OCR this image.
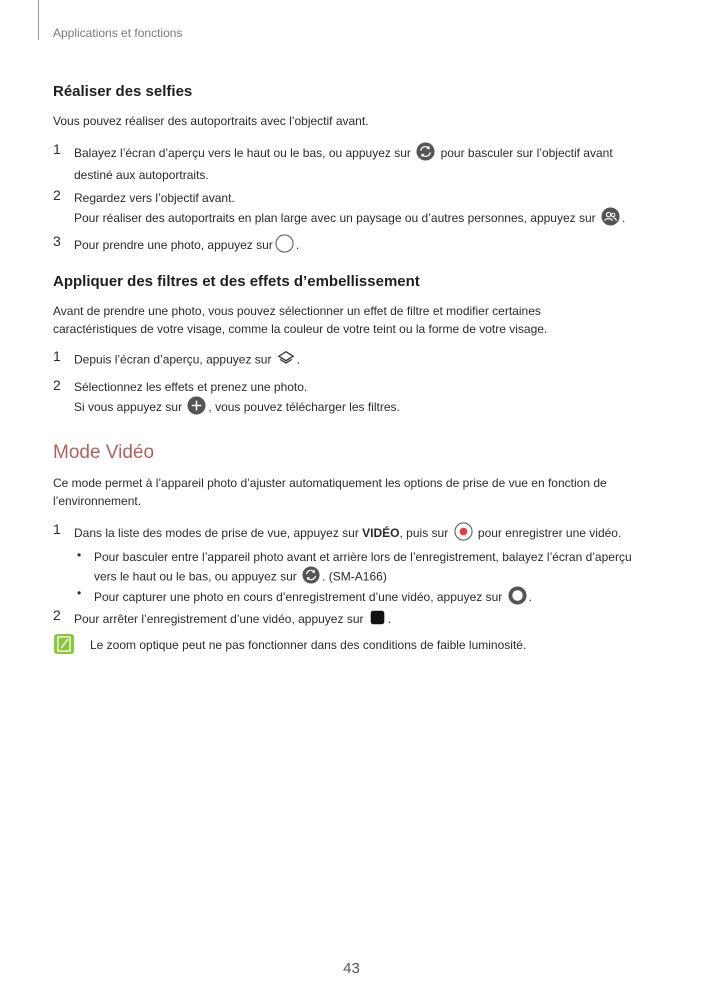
Applications et fonctions
Réaliser des selfies
Vous pouvez réaliser des autoportraits avec l’objectif avant.
1 Balayez l’écran d’aperçu vers le haut ou le bas, ou appuyez sur pour basculer sur l’objectif avant
destiné aux autoportraits.
2 Regardez vers l’objectif avant.
Pour réaliser des autoportraits en plan large avec un paysage ou d’autres personnes, appuyez sur .
3 Pour prendre une photo, appuyez sur .
Appliquer des filtres et des effets d’embellissement
Avant de prendre une photo, vous pouvez sélectionner un effet de filtre et modifier certaines
caractéristiques de votre visage, comme la couleur de votre teint ou la forme de votre visage.
1 Depuis l’écran d’aperçu, appuyez sur .
2 Sélectionnez les effets et prenez une photo.
Si vous appuyez sur , vous pouvez télécharger les filtres.
Mode Vidéo
Ce mode permet à l’appareil photo d’ajuster automatiquement les options de prise de vue en fonction de
l’environnement.
1 Dans la liste des modes de prise de vue, appuyez sur VIDÉO, puis sur pour enregistrer une vidéo.
• Pour basculer entre l’appareil photo avant et arrière lors de l’enregistrement, balayez l’écran d’aperçu
vers le haut ou le bas, ou appuyez sur . (SM-A166)
• Pour capturer une photo en cours d’enregistrement d’une vidéo, appuyez sur .
2 Pour arrêter l’enregistrement d’une vidéo, appuyez sur .
Le zoom optique peut ne pas fonctionner dans des conditions de faible luminosité.
43
